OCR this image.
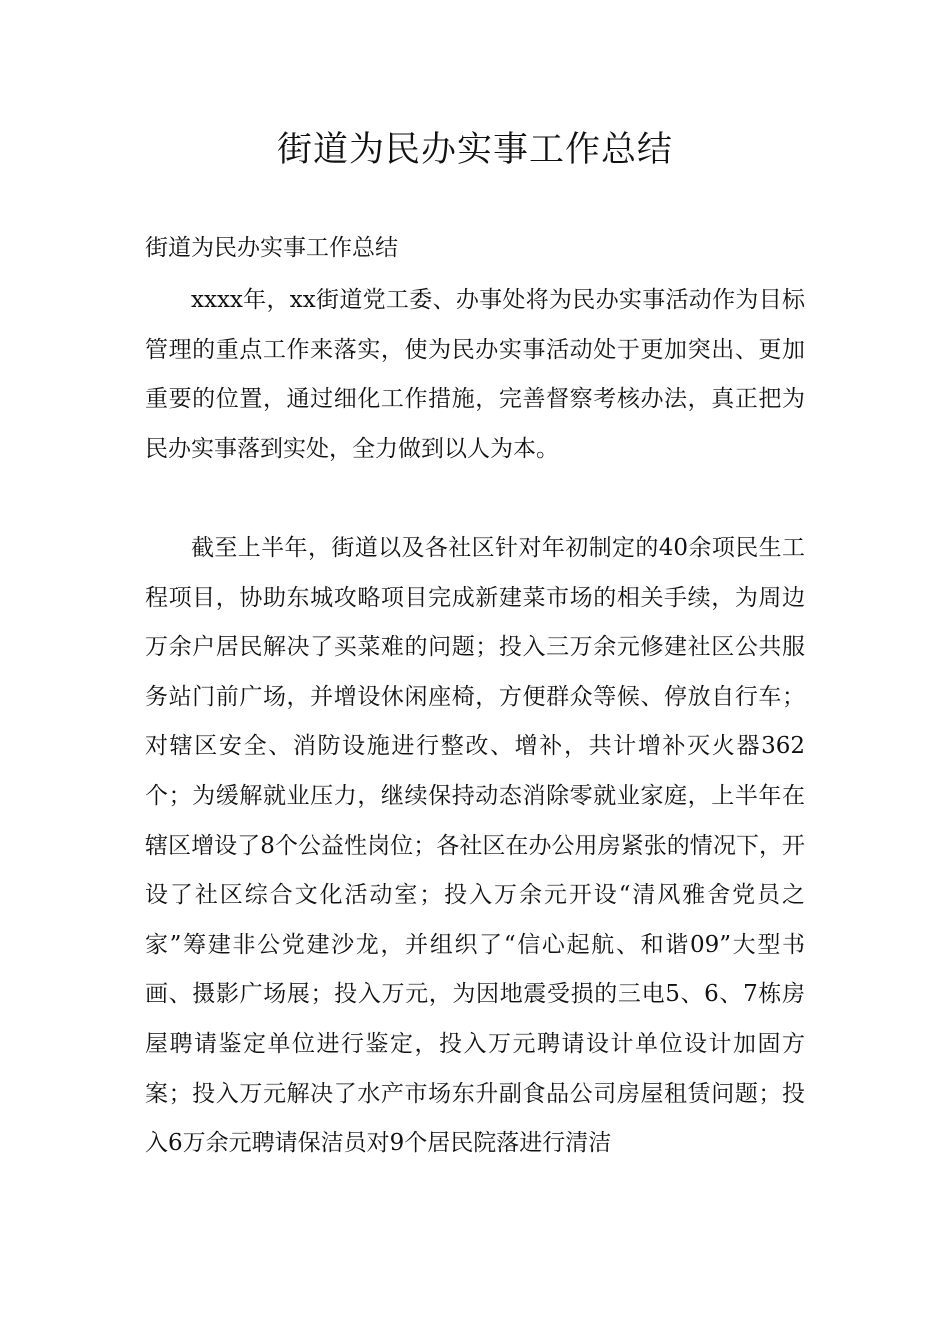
街道为民办实事工作总结

街道为民办实事工作总结

xxxx年，xx街道党工委、办事处将为民办实事活动作为目标管理的重点工作来落实，使为民办实事活动处于更加突出、更加重要的位置，通过细化工作措施，完善督察考核办法，真正把为民办实事落到实处，全力做到以人为本。

截至上半年，街道以及各社区针对年初制定的40余项民生工程项目，协助东城攻略项目完成新建菜市场的相关手续，为周边万余户居民解决了买菜难的问题；投入三万余元修建社区公共服务站门前广场，并增设休闲座椅，方便群众等候、停放自行车；对辖区安全、消防设施进行整改、增补，共计增补灭火器362个；为缓解就业压力，继续保持动态消除零就业家庭，上半年在辖区增设了8个公益性岗位；各社区在办公用房紧张的情况下，开设了社区综合文化活动室；投入万余元开设“清风雅舍党员之家”筹建非公党建沙龙，并组织了“信心起航、和谐09”大型书画、摄影广场展；投入万元，为因地震受损的三电5、6、7栋房屋聘请鉴定单位进行鉴定，投入万元聘请设计单位设计加固方案；投入万元解决了水产市场东升副食品公司房屋租赁问题；投入6万余元聘请保洁员对9个居民院落进行清洁
